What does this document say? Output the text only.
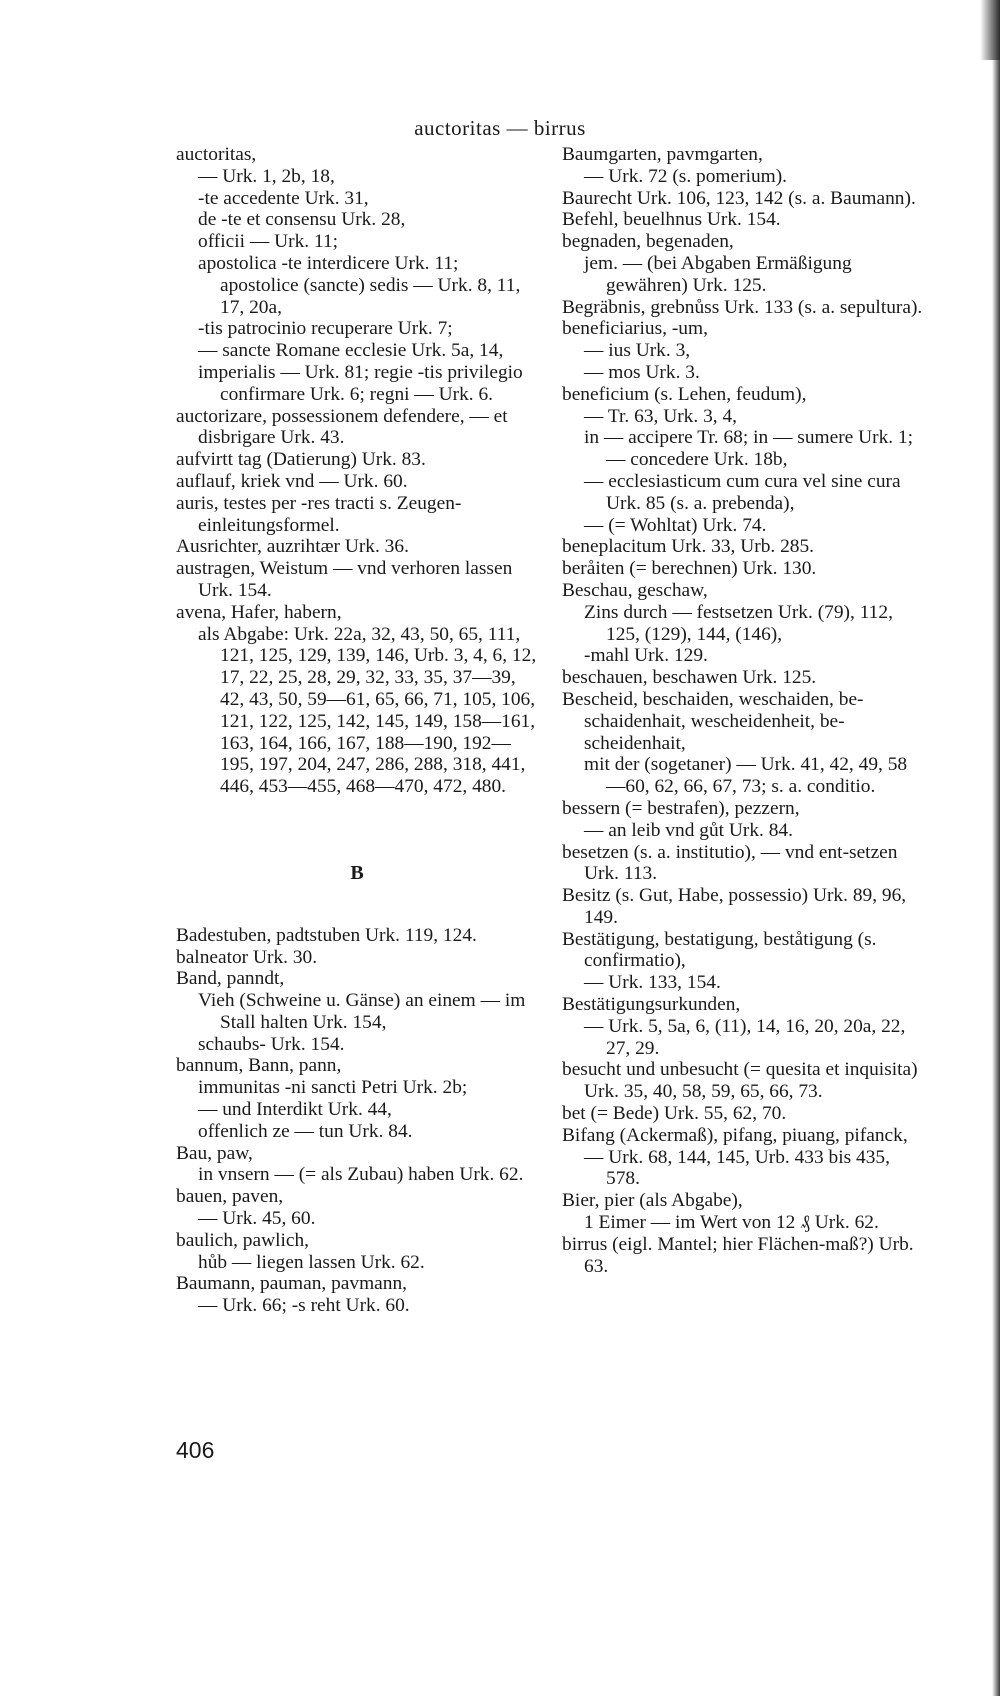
auctoritas — birrus

auctoritas,

— Urk. 1, 2b, 18,

-te accedente Urk. 31,

de -te et consensu Urk. 28,

officii — Urk. 11;

apostolica -te interdicere Urk. 11; apostolice (sancte) sedis — Urk. 8, 11, 17, 20a,

-tis patrocinio recuperare Urk. 7;

— sancte Romane ecclesie Urk. 5a, 14,

imperialis — Urk. 81; regie -tis privilegio confirmare Urk. 6; regni — Urk. 6.

auctorizare, possessionem defendere, — et disbrigare Urk. 43.

aufvirtt tag (Datierung) Urk. 83.

auflauf, kriek vnd — Urk. 60.

auris, testes per -res tracti s. Zeugen-einleitungsformel.

Ausrichter, auzrihtær Urk. 36.

austragen, Weistum — vnd verhoren lassen Urk. 154.

avena, Hafer, habern,

als Abgabe: Urk. 22a, 32, 43, 50, 65, 111, 121, 125, 129, 139, 146, Urb. 3, 4, 6, 12, 17, 22, 25, 28, 29, 32, 33, 35, 37—39, 42, 43, 50, 59—61, 65, 66, 71, 105, 106, 121, 122, 125, 142, 145, 149, 158—161, 163, 164, 166, 167, 188—190, 192—195, 197, 204, 247, 286, 288, 318, 441, 446, 453—455, 468—470, 472, 480.

B

Badestuben, padtstuben Urk. 119, 124.

balneator Urk. 30.

Band, panndt,

Vieh (Schweine u. Gänse) an einem — im Stall halten Urk. 154,

schaubs- Urk. 154.

bannum, Bann, pann,

immunitas -ni sancti Petri Urk. 2b;

— und Interdikt Urk. 44,

offenlich ze — tun Urk. 84.

Bau, paw,

in vnsern — (= als Zubau) haben Urk. 62.

bauen, paven,

— Urk. 45, 60.

baulich, pawlich,

hůb — liegen lassen Urk. 62.

Baumann, pauman, pavmann,

— Urk. 66; -s reht Urk. 60.

Baumgarten, pavmgarten,

— Urk. 72 (s. pomerium).

Baurecht Urk. 106, 123, 142 (s. a. Baumann).

Befehl, beuelhnus Urk. 154.

begnaden, begenaden,

jem. — (bei Abgaben Ermäßigung gewähren) Urk. 125.

Begräbnis, grebnůss Urk. 133 (s. a. sepultura).

beneficiarius, -um,

— ius Urk. 3,

— mos Urk. 3.

beneficium (s. Lehen, feudum),

— Tr. 63, Urk. 3, 4,

in — accipere Tr. 68; in — sumere Urk. 1; — concedere Urk. 18b,

— ecclesiasticum cum cura vel sine cura Urk. 85 (s. a. prebenda),

— (= Wohltat) Urk. 74.

beneplacitum Urk. 33, Urb. 285.

beråiten (= berechnen) Urk. 130.

Beschau, geschaw,

Zins durch — festsetzen Urk. (79), 112, 125, (129), 144, (146),

-mahl Urk. 129.

beschauen, beschawen Urk. 125.

Bescheid, beschaiden, weschaiden, be-schaidenhait, wescheidenheit, be-scheidenhait,

mit der (sogetaner) — Urk. 41, 42, 49, 58—60, 62, 66, 67, 73; s. a. conditio.

bessern (= bestrafen), pezzern,

— an leib vnd gůt Urk. 84.

besetzen (s. a. institutio), — vnd ent-setzen Urk. 113.

Besitz (s. Gut, Habe, possessio) Urk. 89, 96, 149.

Bestätigung, bestatigung, beståtigung (s. confirmatio),

— Urk. 133, 154.

Bestätigungsurkunden,

— Urk. 5, 5a, 6, (11), 14, 16, 20, 20a, 22, 27, 29.

besucht und unbesucht (= quesita et inquisita) Urk. 35, 40, 58, 59, 65, 66, 73.

bet (= Bede) Urk. 55, 62, 70.

Bifang (Ackermaß), pifang, piuang, pifanck,

— Urk. 68, 144, 145, Urb. 433 bis 435, 578.

Bier, pier (als Abgabe),

1 Eimer — im Wert von 12 ₰ Urk. 62.

birrus (eigl. Mantel; hier Flächen-maß?) Urb. 63.

406
